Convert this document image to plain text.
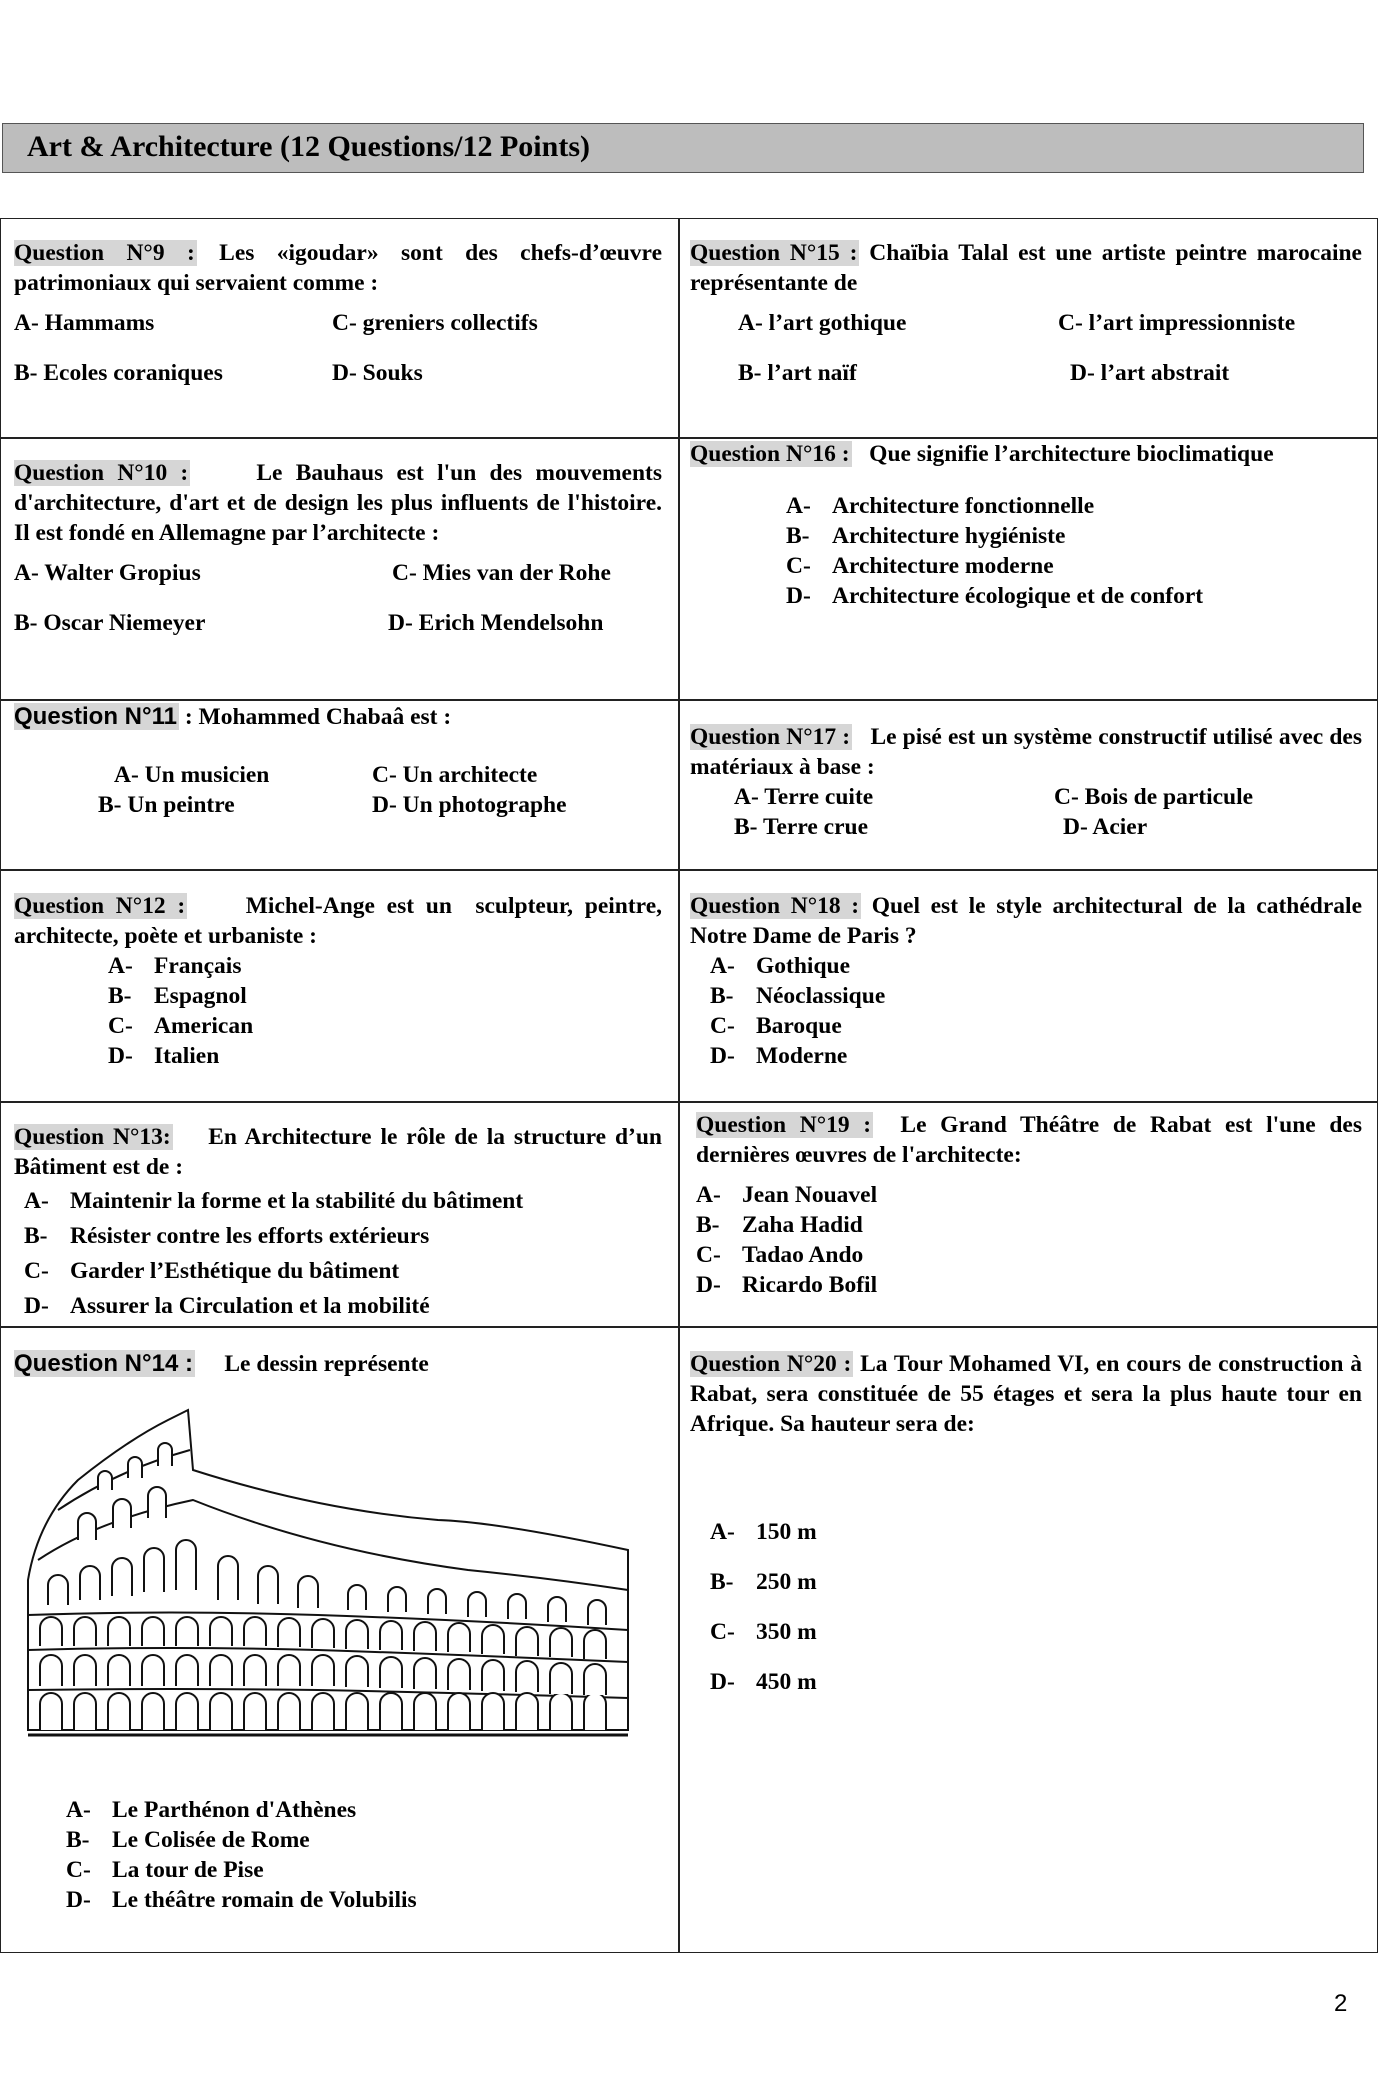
Art & Architecture (12 Questions/12 Points)
Question N°9 : Les «igoudar» sont des chefs-d’œuvre patrimoniaux qui servaient comme :
A- Hammams	C- greniers collectifs
B- Ecoles coraniques	D- Souks
Question N°15 : Chaïbia Talal est une artiste peintre marocaine représentante de
A- l’art gothique	C- l’art impressionniste
B- l’art naïf	D- l’art abstrait
Question N°10 :     Le Bauhaus est l'un des mouvements d'architecture, d'art et de design les plus influents de l'histoire. Il est fondé en Allemagne par l’architecte :
A- Walter Gropius	C- Mies van der Rohe
B- Oscar Niemeyer	D- Erich Mendelsohn
Question N°16 :   Que signifie l’architecture bioclimatique
A- Architecture fonctionnelle
B- Architecture hygiéniste
C- Architecture moderne
D- Architecture écologique et de confort
Question N°11 : Mohammed Chabaâ est :
A- Un musicien	C- Un architecte
B- Un peintre	D- Un photographe
Question N°17 :   Le pisé est un système constructif utilisé avec des matériaux à base :
A- Terre cuite	C- Bois de particule
B- Terre crue	D- Acier
Question N°12 :     Michel-Ange est un  sculpteur, peintre, architecte, poète et urbaniste :
A- Français
B- Espagnol
C- American
D- Italien
Question N°18 : Quel est le style architectural de la cathédrale Notre Dame de Paris ?
A- Gothique
B- Néoclassique
C- Baroque
D- Moderne
Question N°13:    En Architecture le rôle de la structure d’un Bâtiment est de :
A- Maintenir la forme et la stabilité du bâtiment
B- Résister contre les efforts extérieurs
C- Garder l’Esthétique du bâtiment
D- Assurer la Circulation et la mobilité
Question N°19 :  Le Grand Théâtre de Rabat est l'une des dernières œuvres de l'architecte:
A- Jean Nouavel
B- Zaha Hadid
C- Tadao Ando
D- Ricardo Bofil
Question N°14 :     Le dessin représente
A- Le Parthénon d'Athènes
B- Le Colisée de Rome
C- La tour de Pise
D- Le théâtre romain de Volubilis
Question N°20 : La Tour Mohamed VI, en cours de construction à Rabat, sera constituée de 55 étages et sera la plus haute tour en Afrique. Sa hauteur sera de:
A- 150 m
B- 250 m
C- 350 m
D- 450 m
2
